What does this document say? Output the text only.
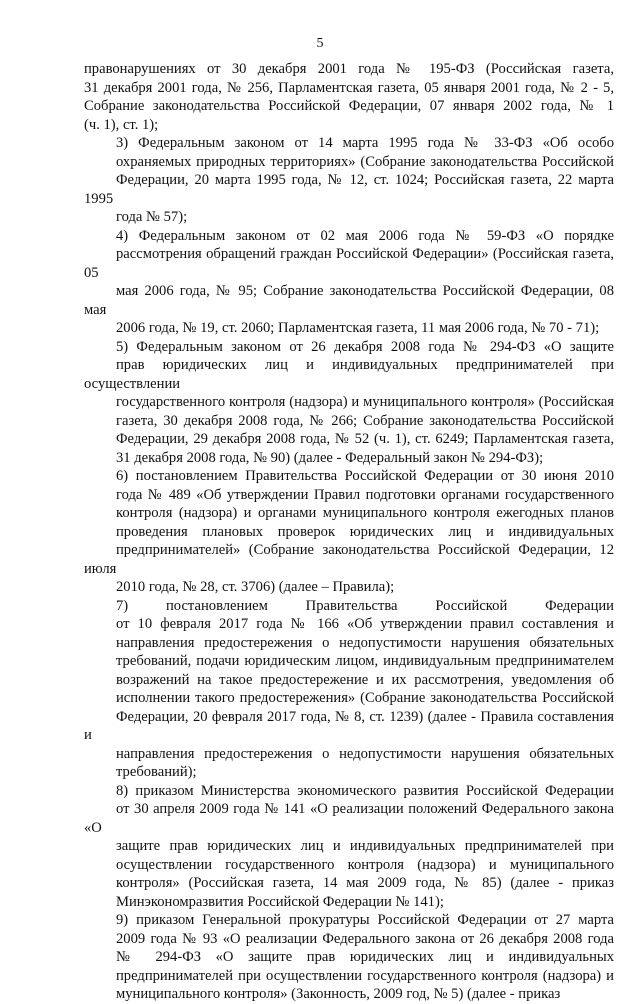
5

правонарушениях от 30 декабря 2001 года № 195-ФЗ (Российская газета,
31 декабря 2001 года, № 256, Парламентская газета, 05 января 2001 года, № 2 - 5,
Собрание законодательства Российской Федерации, 07 января 2002 года, № 1
(ч. 1), ст. 1);

3) Федеральным законом от 14 марта 1995 года № 33-ФЗ «Об особо
охраняемых природных территориях» (Собрание законодательства Российской
Федерации, 20 марта 1995 года, № 12, ст. 1024; Российская газета, 22 марта 1995
года № 57);

4) Федеральным законом от 02 мая 2006 года № 59-ФЗ «О порядке
рассмотрения обращений граждан Российской Федерации» (Российская газета, 05
мая 2006 года, № 95; Собрание законодательства Российской Федерации, 08 мая
2006 года, № 19, ст. 2060; Парламентская газета, 11 мая 2006 года, № 70 - 71);

5) Федеральным законом от 26 декабря 2008 года № 294-ФЗ «О защите
прав юридических лиц и индивидуальных предпринимателей при осуществлении
государственного контроля (надзора) и муниципального контроля» (Российская
газета, 30 декабря 2008 года, № 266; Собрание законодательства Российской
Федерации, 29 декабря 2008 года, № 52 (ч. 1), ст. 6249; Парламентская газета,
31 декабря 2008 года, № 90) (далее - Федеральный закон № 294-ФЗ);

6) постановлением Правительства Российской Федерации от 30 июня 2010
года № 489 «Об утверждении Правил подготовки органами государственного
контроля (надзора) и органами муниципального контроля ежегодных планов
проведения плановых проверок юридических лиц и индивидуальных
предпринимателей» (Собрание законодательства Российской Федерации, 12 июля
2010 года, № 28, ст. 3706) (далее – Правила);

7) постановлением Правительства Российской Федерации
от 10 февраля 2017 года № 166 «Об утверждении правил составления и
направления предостережения о недопустимости нарушения обязательных
требований, подачи юридическим лицом, индивидуальным предпринимателем
возражений на такое предостережение и их рассмотрения, уведомления об
исполнении такого предостережения» (Собрание законодательства Российской
Федерации, 20 февраля 2017 года, № 8, ст. 1239) (далее - Правила составления и
направления предостережения о недопустимости нарушения обязательных
требований);

8) приказом Министерства экономического развития Российской Федерации
от 30 апреля 2009 года № 141 «О реализации положений Федерального закона «О
защите прав юридических лиц и индивидуальных предпринимателей при
осуществлении государственного контроля (надзора) и муниципального
контроля» (Российская газета, 14 мая 2009 года, № 85) (далее - приказ
Минэкономразвития Российской Федерации № 141);

9) приказом Генеральной прокуратуры Российской Федерации от 27 марта
2009 года № 93 «О реализации Федерального закона от 26 декабря 2008 года
№ 294-ФЗ «О защите прав юридических лиц и индивидуальных
предпринимателей при осуществлении государственного контроля (надзора) и
муниципального контроля» (Законность, 2009 год, № 5) (далее - приказ
